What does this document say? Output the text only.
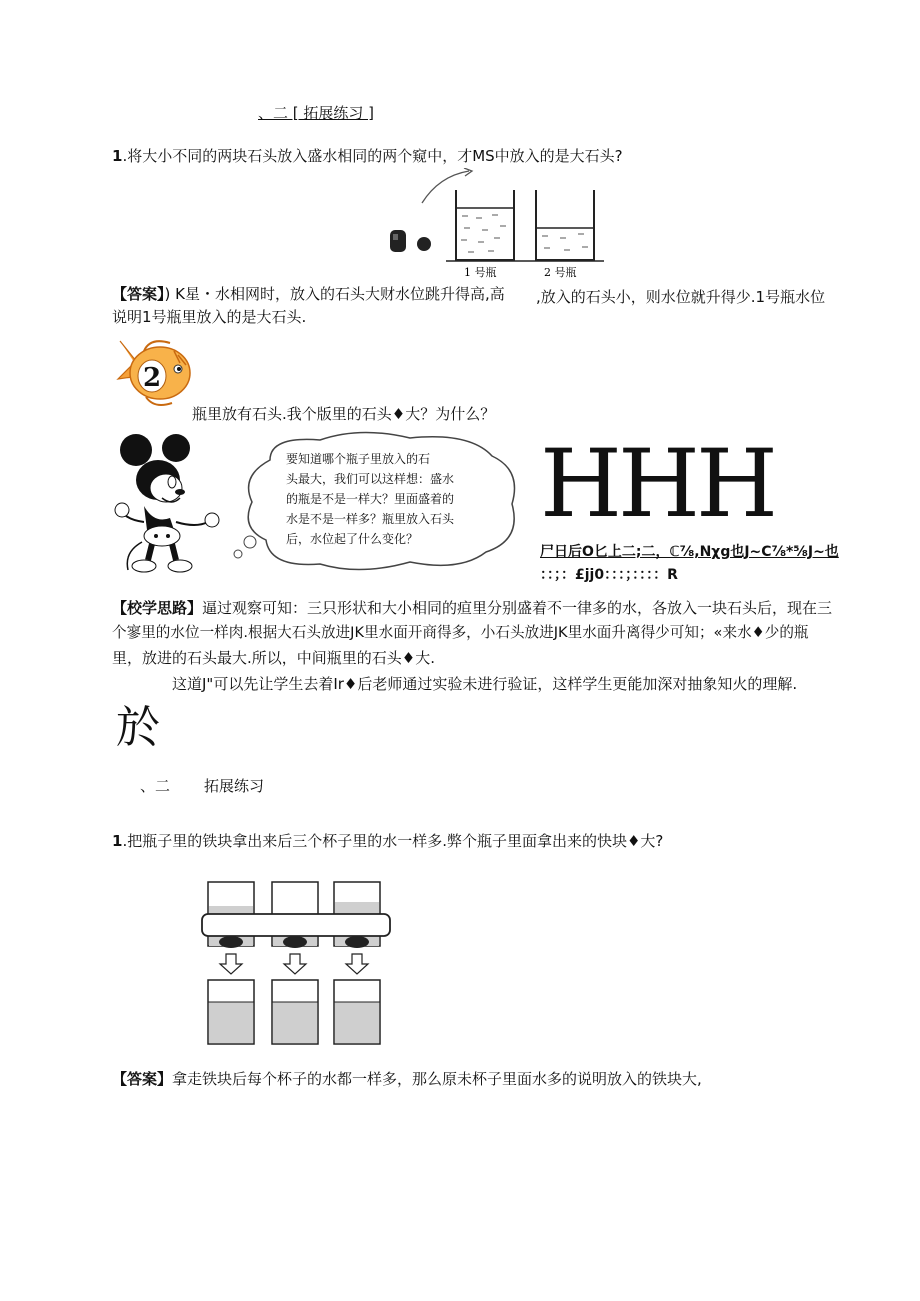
、二 [ 拓展练习 ]
1.将大小不同的两块石头放入盛水相同的两个窥中，才MS中放入的是大石头?
1 号瓶	2 号瓶
【答案】) K星・水相网时，放入的石头大财水位跳升得高,高 ,放入的石头小，则水位就升得少.1号瓶水位
说明1号瓶里放入的是大石头.
2
瓶里放有石头.我个版里的石头♦大？为什么？
要知道哪个瓶子里放入的石
头最大，我们可以这样想：盛水
的瓶是不是一样大？里面盛着的
水是不是一样多？瓶里放入石头
后，水位起了什么变化？	HHH
尸日后O匕上二;二，ℂ⅞,Nχg也J~C⅞*⅝J~也
：：；：£jj0：：：；：：：：R
【校学思路】逼过观察可知：三只形状和大小相同的疸里分别盛着不一律多的水，各放入一块石头后，现在三
个寥里的水位一样肉.根据大石头放进JK里水面开商得多，小石头放进JK里水面升离得少可知；«来水♦少的瓶
里，放进的石头最大.所以，中间瓶里的石头♦大.
这道J"可以先让学生去着Ir♦后老师通过实验未进行验证，这样学生更能加深对抽象知火的理解.
於
、二 拓展练习
1.把瓶子里的铁块拿出来后三个杯子里的水一样多.弊个瓶子里面拿出来的快块♦大?
【答案】拿走铁块后每个杯子的水都一样多，那么原未杯子里面水多的说明放入的铁块大,
